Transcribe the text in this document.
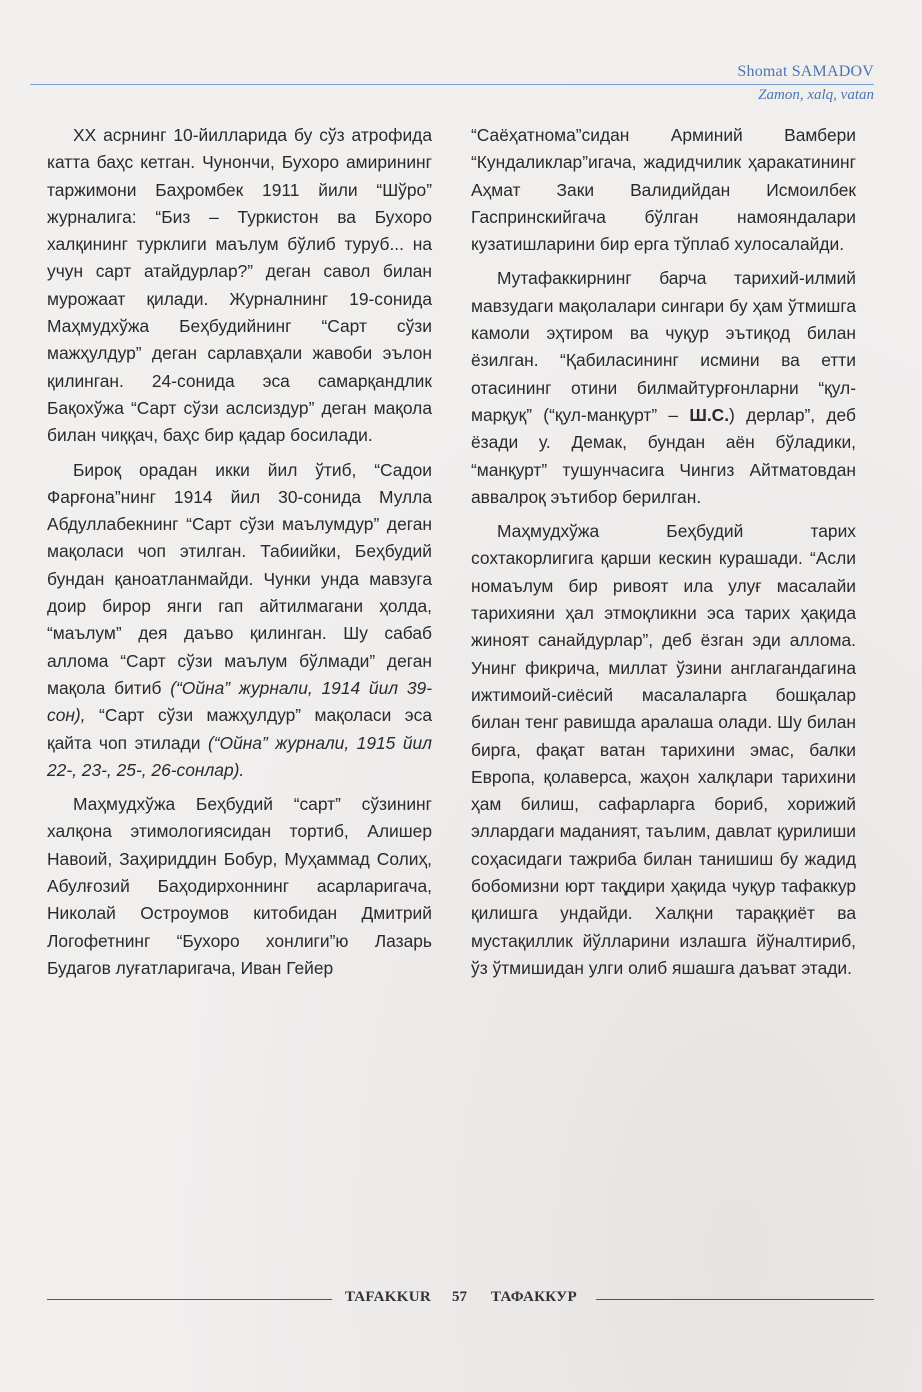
Shomat SAMADOV
Zamon, xalq, vatan

XX асрнинг 10-йилларида бу сўз атрофида катта баҳс кетган. Чунончи, Бухоро амирининг таржимони Баҳромбек 1911 йили “Шўро” журналига: “Биз – Туркистон ва Бухоро халқининг турклиги маълум бўлиб туруб... на учун сарт атайдурлар?” деган савол билан мурожаат қилади. Журналнинг 19-сонида Маҳмудхўжа Беҳбудийнинг “Сарт сўзи мажҳулдур” деган сарлавҳали жавоби эълон қилинган. 24-сонида эса самарқандлик Бақохўжа “Сарт сўзи аслсиздур” деган мақола билан чиққач, баҳс бир қадар босилади.

Бироқ орадан икки йил ўтиб, “Садои Фарғона”нинг 1914 йил 30-сонида Мулла Абдуллабекнинг “Сарт сўзи маълумдур” деган мақоласи чоп этилган. Табиийки, Беҳбудий бундан қаноатланмайди. Чунки унда мавзуга доир бирор янги гап айтилмагани ҳолда, “маълум” дея даъво қилинган. Шу сабаб аллома “Сарт сўзи маълум бўлмади” деган мақола битиб (“Ойна” журнали, 1914 йил 39-сон), “Сарт сўзи мажҳулдур” мақоласи эса қайта чоп этилади (“Ойна” журнали, 1915 йил 22-, 23-, 25-, 26-сонлар).

Маҳмудхўжа Беҳбудий “сарт” сўзининг халқона этимологиясидан тортиб, Алишер Навоий, Заҳириддин Бобур, Муҳаммад Солиҳ, Абулғозий Баҳодирхоннинг асарларигача, Николай Остроумов китобидан Дмитрий Логофетнинг “Бухоро хонлиги”ю Лазарь Будагов луғатларигача, Иван Гейер

“Саёҳатнома”сидан Арминий Вамбери “Кундаликлар”игача, жадидчилик ҳаракатининг Аҳмат Заки Валидийдан Исмоилбек Гаспринскийгача бўлган намояндалари кузатишларини бир ерга тўплаб хулосалайди.

Мутафаккирнинг барча тарихий-илмий мавзудаги мақолалари сингари бу ҳам ўтмишга камоли эҳтиром ва чуқур эътиқод билан ёзилган. “Қабиласининг исмини ва етти отасининг отини билмайтурғонларни “қул-марқуқ” (“қул-манқурт” – Ш.С.) дерлар”, деб ёзади у. Демак, бундан аён бўладики, “манқурт” тушунчасига Чингиз Айтматовдан аввалроқ эътибор берилган.

Маҳмудхўжа Беҳбудий тарих сохтакорлигига қарши кескин курашади. “Асли номаълум бир ривоят ила улуғ масалайи тарихияни ҳал этмоқликни эса тарих ҳақида жиноят санайдурлар”, деб ёзган эди аллома. Унинг фикрича, миллат ўзини англагандагина ижтимоий-сиёсий масалаларга бошқалар билан тенг равишда аралаша олади. Шу билан бирга, фақат ватан тарихини эмас, балки Европа, қолаверса, жаҳон халқлари тарихини ҳам билиш, сафарларга бориб, хорижий эллардаги маданият, таълим, давлат қурилиши соҳасидаги тажриба билан танишиш бу жадид бобомизни юрт тақдири ҳақида чуқур тафаккур қилишга ундайди. Халқни тараққиёт ва мустақиллик йўлларини излашга йўналтириб, ўз ўтмишидан улги олиб яшашга даъват этади.

TAFAKKUR 57 ТАФАККУР
